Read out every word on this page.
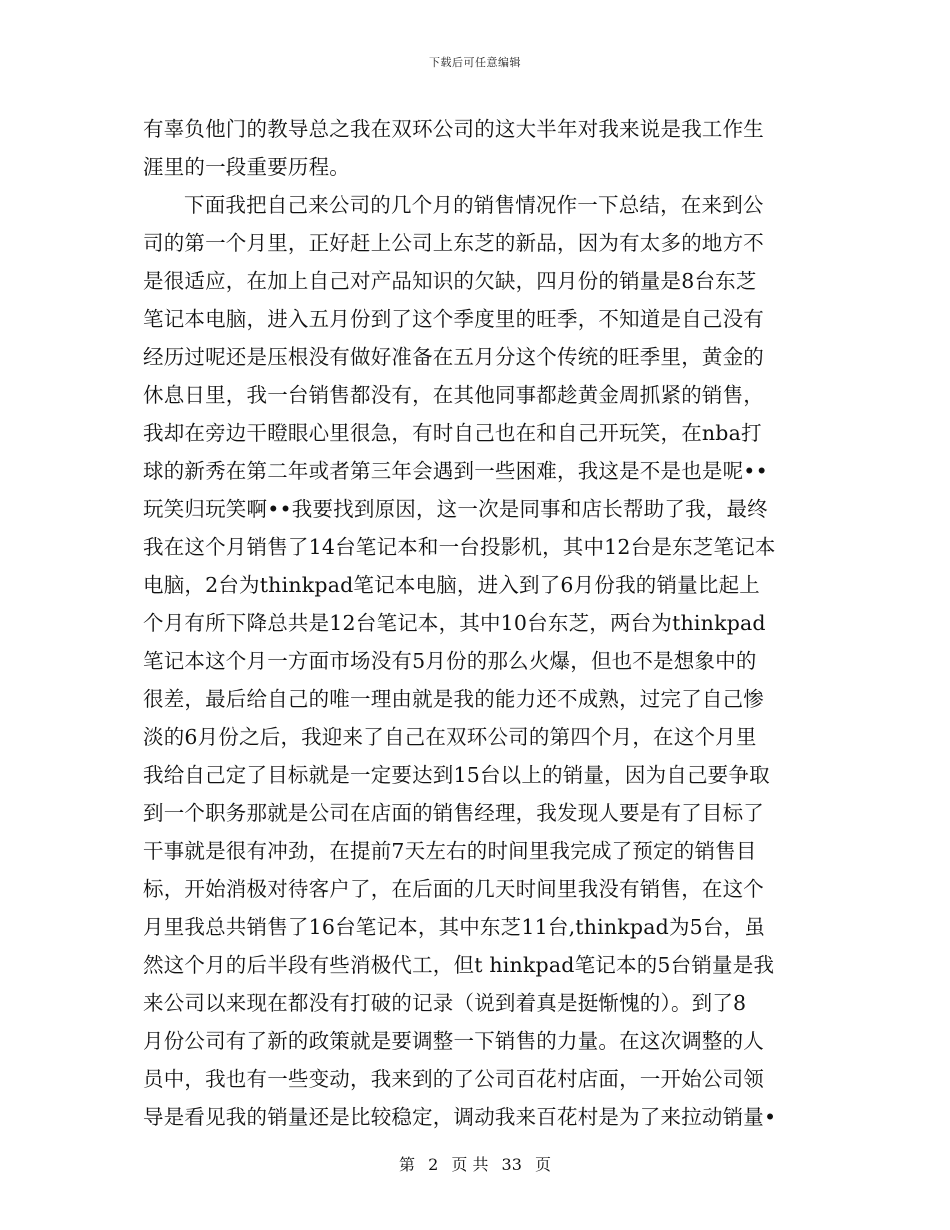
下载后可任意编辑
有辜负他门的教导总之我在双环公司的这大半年对我来说是我工作生
涯里的一段重要历程。
下面我把自己来公司的几个月的销售情况作一下总结，在来到公
司的第一个月里，正好赶上公司上东芝的新品，因为有太多的地方不
是很适应，在加上自己对产品知识的欠缺，四月份的销量是8台东芝
笔记本电脑，进入五月份到了这个季度里的旺季，不知道是自己没有
经历过呢还是压根没有做好准备在五月分这个传统的旺季里，黄金的
休息日里，我一台销售都没有，在其他同事都趁黄金周抓紧的销售，
我却在旁边干瞪眼心里很急，有时自己也在和自己开玩笑，在nba打
球的新秀在第二年或者第三年会遇到一些困难，我这是不是也是呢••
玩笑归玩笑啊••我要找到原因，这一次是同事和店长帮助了我，最终
我在这个月销售了14台笔记本和一台投影机，其中12台是东芝笔记本
电脑，2台为thinkpad笔记本电脑，进入到了6月份我的销量比起上
个月有所下降总共是12台笔记本，其中10台东芝，两台为thinkpad
笔记本这个月一方面市场没有5月份的那么火爆，但也不是想象中的
很差，最后给自己的唯一理由就是我的能力还不成熟，过完了自己惨
淡的6月份之后，我迎来了自己在双环公司的第四个月，在这个月里
我给自己定了目标就是一定要达到15台以上的销量，因为自己要争取
到一个职务那就是公司在店面的销售经理，我发现人要是有了目标了
干事就是很有冲劲，在提前7天左右的时间里我完成了预定的销售目
标，开始消极对待客户了，在后面的几天时间里我没有销售，在这个
月里我总共销售了16台笔记本，其中东芝11台,thinkpad为5台，虽
然这个月的后半段有些消极代工，但t hinkpad笔记本的5台销量是我
来公司以来现在都没有打破的记录（说到着真是挺惭愧的）。到了8
月份公司有了新的政策就是要调整一下销售的力量。在这次调整的人
员中，我也有一些变动，我来到的了公司百花村店面，一开始公司领
导是看见我的销量还是比较稳定，调动我来百花村是为了来拉动销量•
第 2 页 共 33 页
